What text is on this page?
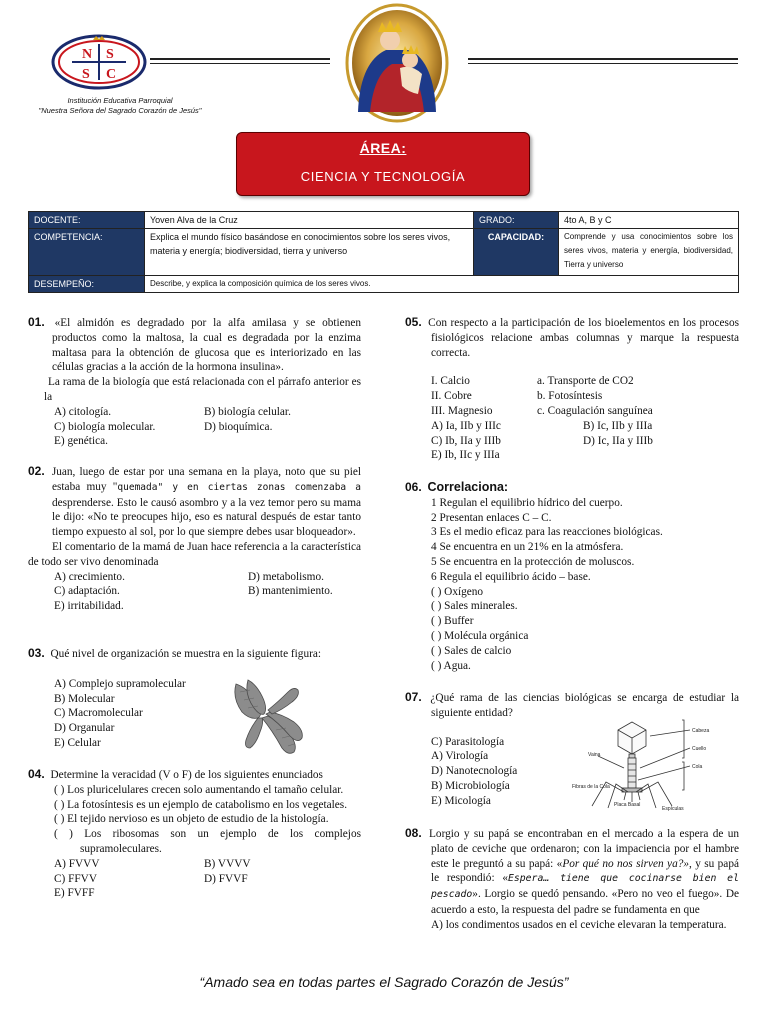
N S
S C
Institución Educativa Parroquial
"Nuestra Señora del Sagrado Corazón de Jesús"
ÁREA:
CIENCIA Y TECNOLOGÍA
DOCENTE:	Yoven Alva de la Cruz	GRADO:	4to A, B y C
COMPETENCIA:	Explica el mundo físico basándose en conocimientos sobre los seres vivos, materia y energía; biodiversidad, tierra y universo	CAPACIDAD:	Comprende y usa conocimientos sobre los seres vivos, materia y energía, biodiversidad, Tierra y universo
DESEMPEÑO:	Describe, y explica la composición química de los seres vivos.		
01. «El almidón es degradado por la alfa amilasa y se obtienen productos como la maltosa, la cual es degradada por la enzima maltasa para la obtención de glucosa que es interiorizado en las células gracias a la acción de la hormona insulina».
La rama de la biología que está relacionada con el párrafo anterior es la
A) citología.	B) biología celular.
C) biología molecular.	D) bioquímica.
E) genética.
02. Juan, luego de estar por una semana en la playa, noto que su piel estaba muy "quemada" y en ciertas zonas comenzaba a desprenderse. Esto le causó asombro y a la vez temor pero su mama le dijo: «No te preocupes hijo, eso es natural después de estar tanto tiempo expuesto al sol, por lo que siempre debes usar bloqueador».
El comentario de la mamá de Juan hace referencia a la característica de todo ser vivo denominada
A) crecimiento.	D) metabolismo.
C) adaptación.	B) mantenimiento.
E) irritabilidad.
03. Qué nivel de organización se muestra en la siguiente figura:
A) Complejo supramolecular
B) Molecular
C) Macromolecular
D) Organular
E) Celular
04. Determine la veracidad (V o F) de los siguientes enunciados
( ) Los pluricelulares crecen solo aumentando el tamaño celular.
( ) La fotosíntesis es un ejemplo de catabolismo en los vegetales.
( ) El tejido nervioso es un objeto de estudio de la histología.
( ) Los ribosomas son un ejemplo de los complejos supramoleculares.
A) FVVV	B) VVVV
C) FFVV	D) FVVF
E) FVFF
05. Con respecto a la participación de los bioelementos en los procesos fisiológicos relacione ambas columnas y marque la respuesta correcta.
I. Calcio	a. Transporte de CO2
II. Cobre	b. Fotosíntesis
III. Magnesio	c. Coagulación sanguínea
A) Ia, IIb y IIIc	B) Ic, IIb y IIIa
C) Ib, IIa y IIIb	D) Ic, IIa y IIIb
E) Ib, IIc y IIIa
06. Correlaciona:
1 Regulan el equilibrio hídrico del cuerpo.
2 Presentan enlaces C – C.
3 Es el medio eficaz para las reacciones biológicas.
4 Se encuentra en un 21% en la atmósfera.
5 Se encuentra en la protección de moluscos.
6 Regula el equilibrio ácido – base.
( ) Oxígeno
( ) Sales minerales.
( ) Buffer
( ) Molécula orgánica
( ) Sales de calcio
( ) Agua.
07. ¿Qué rama de las ciencias biológicas se encarga de estudiar la siguiente entidad?
C) Parasitología
A) Virología
D) Nanotecnología
B) Microbiología
E) Micología
Cabeza
Cuello
Cola
Vaina
Placa Basal
Espículas
Fibras de la Cola
08. Lorgio y su papá se encontraban en el mercado a la espera de un plato de ceviche que ordenaron; con la impaciencia por el hambre este le preguntó a su papá: «Por qué no nos sirven ya?», y su papá le respondió: «Espera… tiene que cocinarse bien el pescado». Lorgio se quedó pensando. «Pero no veo el fuego». De acuerdo a esto, la respuesta del padre se fundamenta en que
A) los condimentos usados en el ceviche elevaran la temperatura.
“Amado sea en todas partes el Sagrado Corazón de Jesús”
